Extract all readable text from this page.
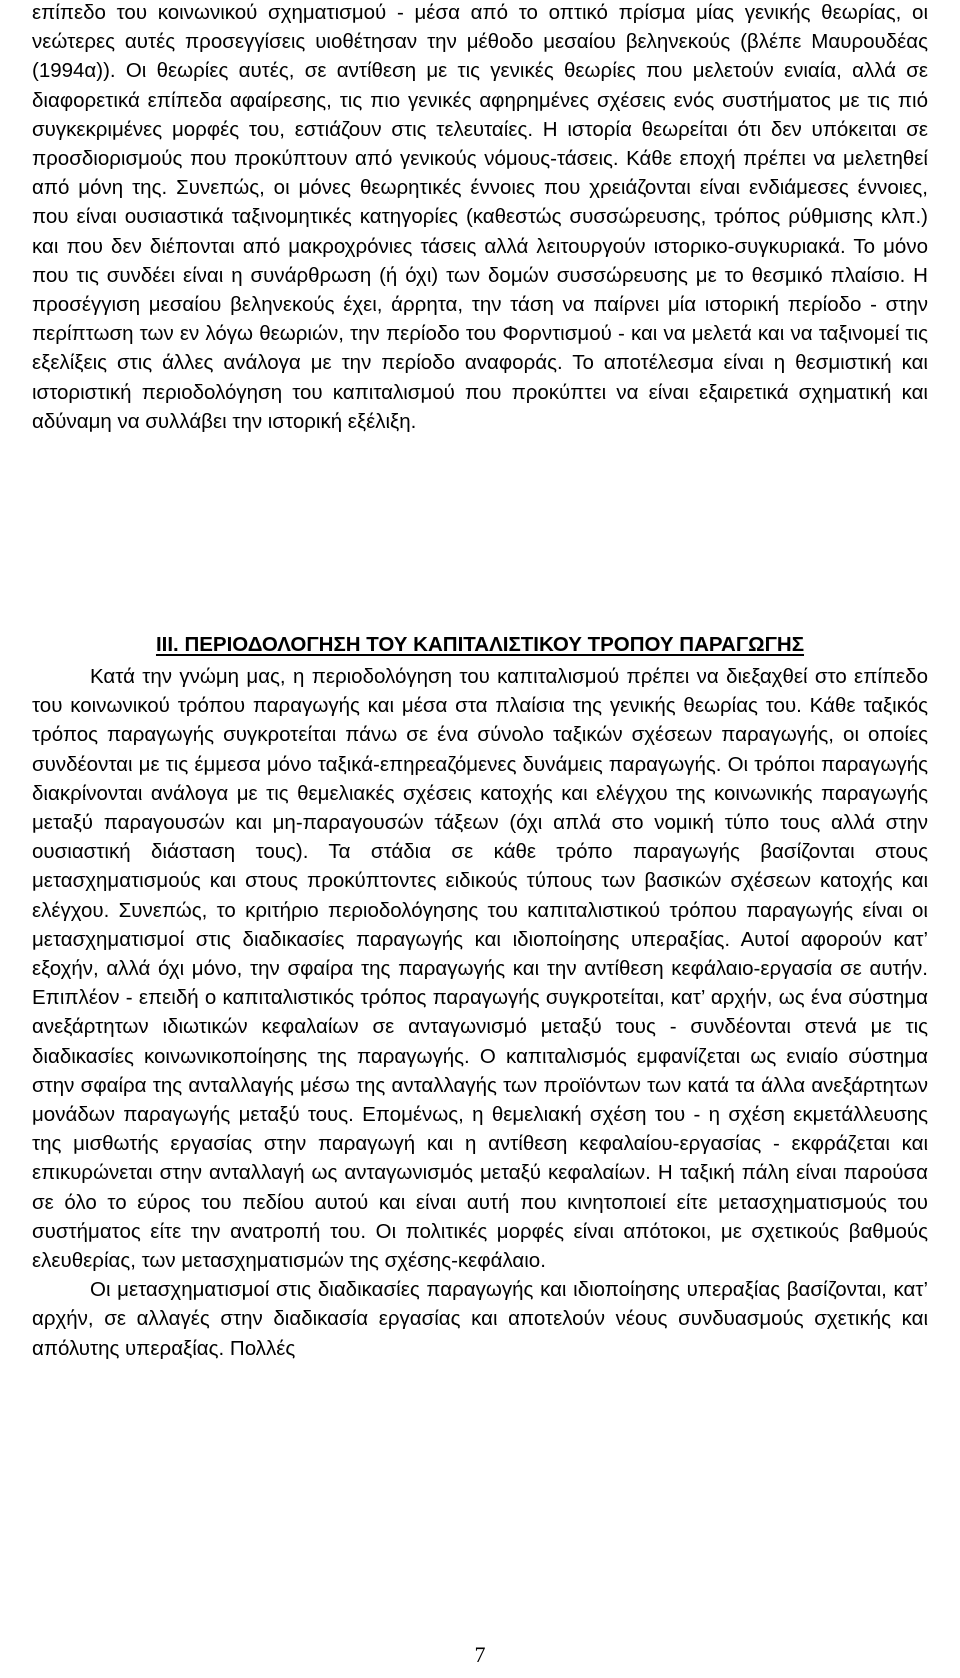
επίπεδο του κοινωνικού σχηματισμού - μέσα από το οπτικό πρίσμα μίας γενικής θεωρίας, οι νεώτερες αυτές προσεγγίσεις υιοθέτησαν την μέθοδο μεσαίου βεληνεκούς (βλέπε Μαυρουδέας (1994α)). Οι θεωρίες αυτές, σε αντίθεση με τις γενικές θεωρίες που μελετούν ενιαία, αλλά σε διαφορετικά επίπεδα αφαίρεσης, τις πιο γενικές αφηρημένες σχέσεις ενός συστήματος με τις πιό συγκεκριμένες μορφές του, εστιάζουν στις τελευταίες. Η ιστορία θεωρείται ότι δεν υπόκειται σε προσδιορισμούς που προκύπτουν από γενικούς νόμους-τάσεις. Κάθε εποχή πρέπει να μελετηθεί από μόνη της. Συνεπώς, οι μόνες θεωρητικές έννοιες που χρειάζονται είναι ενδιάμεσες έννοιες, που είναι ουσιαστικά ταξινομητικές κατηγορίες (καθεστώς συσσώρευσης, τρόπος ρύθμισης κλπ.) και που δεν διέπονται από μακροχρόνιες τάσεις αλλά λειτουργούν ιστορικο-συγκυριακά. Το μόνο που τις συνδέει είναι η συνάρθρωση (ή όχι) των δομών συσσώρευσης με το θεσμικό πλαίσιο. Η προσέγγιση μεσαίου βεληνεκούς έχει, άρρητα, την τάση να παίρνει μία ιστορική περίοδο - στην περίπτωση των εν λόγω θεωριών, την περίοδο του Φορντισμού - και να μελετά και να ταξινομεί τις εξελίξεις στις άλλες ανάλογα με την περίοδο αναφοράς. Το αποτέλεσμα είναι η θεσμιστική και ιστοριστική περιοδολόγηση του καπιταλισμού που προκύπτει να είναι εξαιρετικά σχηματική και αδύναμη να συλλάβει την ιστορική εξέλιξη.

III. ΠΕΡΙΟΔΟΛΟΓΗΣΗ ΤΟΥ ΚΑΠΙΤΑΛΙΣΤΙΚΟΥ ΤΡΟΠΟΥ ΠΑΡΑΓΩΓΗΣ

Κατά την γνώμη μας, η περιοδολόγηση του καπιταλισμού πρέπει να διεξαχθεί στο επίπεδο του κοινωνικού τρόπου παραγωγής και μέσα στα πλαίσια της γενικής θεωρίας του. Κάθε ταξικός τρόπος παραγωγής συγκροτείται πάνω σε ένα σύνολο ταξικών σχέσεων παραγωγής, οι οποίες συνδέονται με τις έμμεσα μόνο ταξικά-επηρεαζόμενες δυνάμεις παραγωγής. Οι τρόποι παραγωγής διακρίνονται ανάλογα με τις θεμελιακές σχέσεις κατοχής και ελέγχου της κοινωνικής παραγωγής μεταξύ παραγουσών και μη-παραγουσών τάξεων (όχι απλά στο νομική τύπο τους αλλά στην ουσιαστική διάσταση τους). Τα στάδια σε κάθε τρόπο παραγωγής βασίζονται στους μετασχηματισμούς και στους προκύπτοντες ειδικούς τύπους των βασικών σχέσεων κατοχής και ελέγχου. Συνεπώς, το κριτήριο περιοδολόγησης του καπιταλιστικού τρόπου παραγωγής είναι οι μετασχηματισμοί στις διαδικασίες παραγωγής και ιδιοποίησης υπεραξίας. Αυτοί αφορούν κατ’ εξοχήν, αλλά όχι μόνο, την σφαίρα της παραγωγής και την αντίθεση κεφάλαιο-εργασία σε αυτήν. Επιπλέον - επειδή ο καπιταλιστικός τρόπος παραγωγής συγκροτείται, κατ’ αρχήν, ως ένα σύστημα ανεξάρτητων ιδιωτικών κεφαλαίων σε ανταγωνισμό μεταξύ τους - συνδέονται στενά με τις διαδικασίες κοινωνικοποίησης της παραγωγής. Ο καπιταλισμός εμφανίζεται ως ενιαίο σύστημα στην σφαίρα της ανταλλαγής μέσω της ανταλλαγής των προϊόντων των κατά τα άλλα ανεξάρτητων μονάδων παραγωγής μεταξύ τους. Επομένως, η θεμελιακή σχέση του - η σχέση εκμετάλλευσης της μισθωτής εργασίας στην παραγωγή και η αντίθεση κεφαλαίου-εργασίας - εκφράζεται και επικυρώνεται στην ανταλλαγή ως ανταγωνισμός μεταξύ κεφαλαίων. Η ταξική πάλη είναι παρούσα σε όλο το εύρος του πεδίου αυτού και είναι αυτή που κινητοποιεί είτε μετασχηματισμούς του συστήματος είτε την ανατροπή του. Οι πολιτικές μορφές είναι απότοκοι, με σχετικούς βαθμούς ελευθερίας, των μετασχηματισμών της σχέσης-κεφάλαιο.

Οι μετασχηματισμοί στις διαδικασίες παραγωγής και ιδιοποίησης υπεραξίας βασίζονται, κατ’ αρχήν, σε αλλαγές στην διαδικασία εργασίας και αποτελούν νέους συνδυασμούς σχετικής και απόλυτης υπεραξίας. Πολλές

7
